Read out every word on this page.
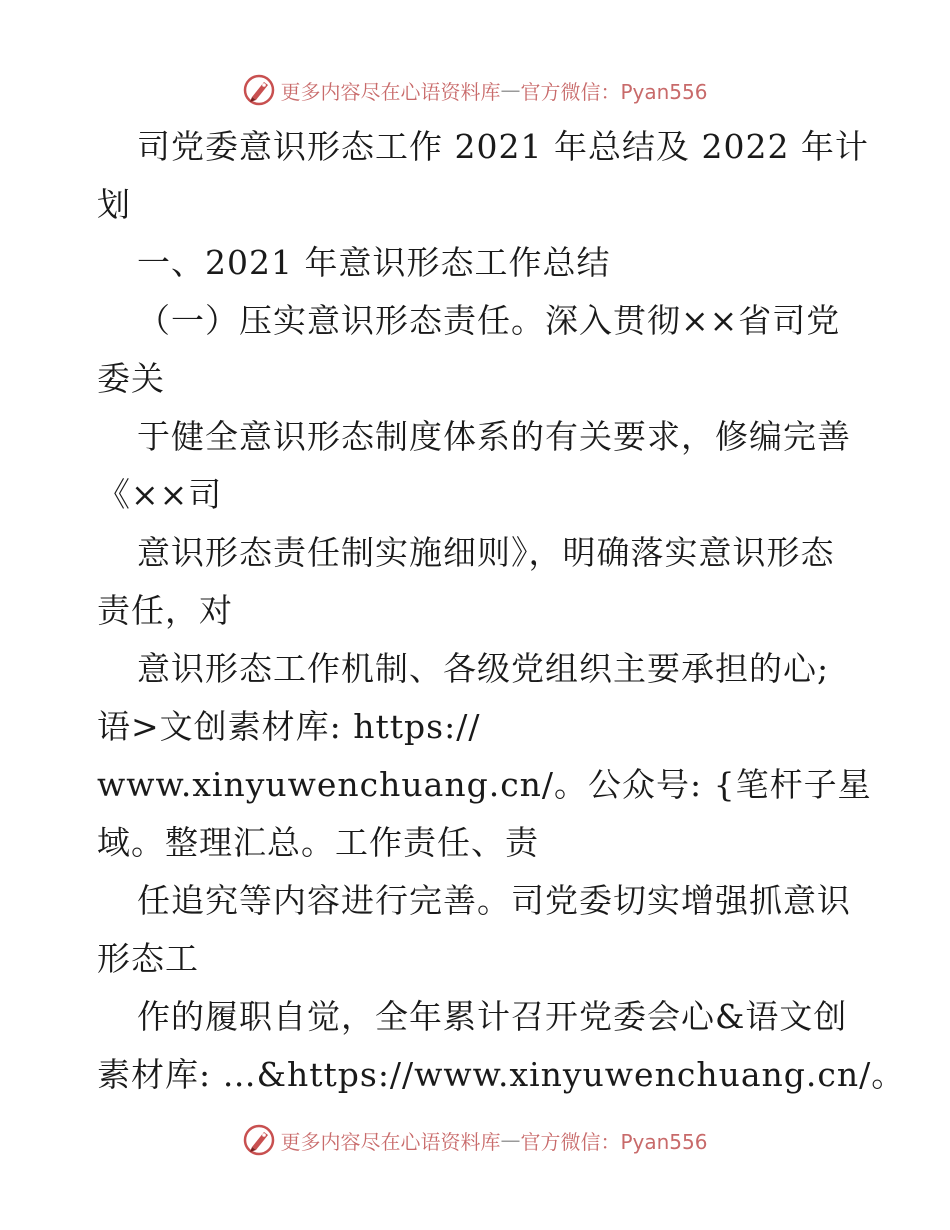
更多内容尽在心语资料库 — 官方微信：Pyan556
司党委意识形态工作 2021 年总结及 2022 年计
划
一、2021 年意识形态工作总结
（一）压实意识形态责任。深入贯彻××省司党
委关
于健全意识形态制度体系的有关要求，修编完善
《××司
意识形态责任制实施细则》，明确落实意识形态
责任，对
意识形态工作机制、各级党组织主要承担的心;
语>文创素材库: https://
www.xinyuwenchuang.cn/。公众号: {笔杆子星
域。整理汇总。工作责任、责
任追究等内容进行完善。司党委切实增强抓意识
形态工
作的履职自觉，全年累计召开党委会心&语文创
素材库: …&https://www.xinyuwenchuang.cn/。
更多内容尽在心语资料库 — 官方微信：Pyan556
